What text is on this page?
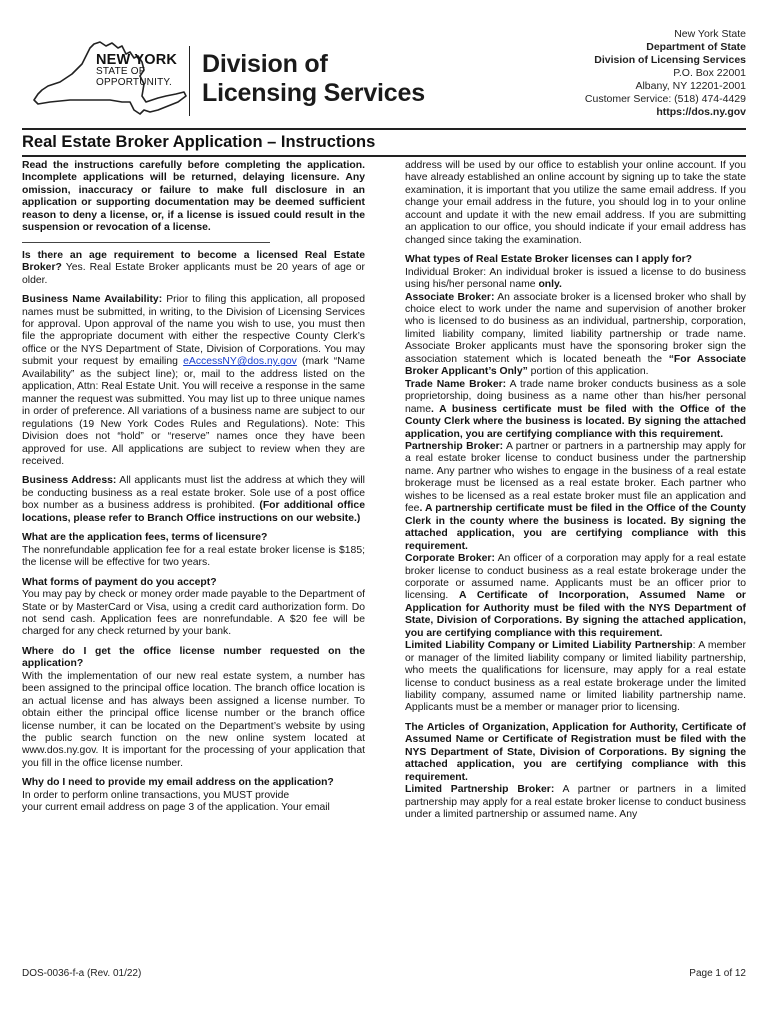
NEW YORK
STATE OF
OPPORTUNITY.
Division of
Licensing Services
New York State
Department of State
Division of Licensing Services
P.O. Box 22001
Albany, NY 12201-2001
Customer Service: (518) 474-4429
https://dos.ny.gov
Real Estate Broker Application – Instructions

Read the instructions carefully before completing the application. Incomplete applications will be returned, delaying licensure. Any omission, inaccuracy or failure to make full disclosure in an application or supporting documentation may be deemed sufficient reason to deny a license, or, if a license is issued could result in the suspension or revocation of a license.

Is there an age requirement to become a licensed Real Estate Broker? Yes. Real Estate Broker applicants must be 20 years of age or older.

Business Name Availability: Prior to filing this application, all proposed names must be submitted, in writing, to the Division of Licensing Services for approval. Upon approval of the name you wish to use, you must then file the appropriate document with either the respective County Clerk’s office or the NYS Department of State, Division of Corporations. You may submit your request by emailing eAccessNY@dos.ny.gov (mark “Name Availability” as the subject line); or, mail to the address listed on the application, Attn: Real Estate Unit. You will receive a response in the same manner the request was submitted. You may list up to three unique names in order of preference. All variations of a business name are subject to our regulations (19 New York Codes Rules and Regulations). Note: This Division does not “hold” or “reserve” names once they have been approved for use. All applications are subject to review when they are received.

Business Address: All applicants must list the address at which they will be conducting business as a real estate broker. Sole use of a post office box number as a business address is prohibited. (For additional office locations, please refer to Branch Office instructions on our website.)

What are the application fees, terms of licensure?
The nonrefundable application fee for a real estate broker license is $185; the license will be effective for two years.

What forms of payment do you accept?
You may pay by check or money order made payable to the Department of State or by MasterCard or Visa, using a credit card authorization form. Do not send cash. Application fees are nonrefundable. A $20 fee will be charged for any check returned by your bank.

Where do I get the office license number requested on the application?
With the implementation of our new real estate system, a number has been assigned to the principal office location. The branch office location is an actual license and has always been assigned a license number. To obtain either the principal office license number or the branch office license number, it can be located on the Department’s website by using the public search function on the new online system located at www.dos.ny.gov. It is important for the processing of your application that you fill in the office license number.

Why do I need to provide my email address on the application?
In order to perform online transactions, you MUST provide
your current email address on page 3 of the application. Your email

address will be used by our office to establish your online account. If you have already established an online account by signing up to take the state examination, it is important that you utilize the same email address. If you change your email address in the future, you should log in to your online account and update it with the new email address. If you are submitting an application to our office, you should indicate if your email address has changed since taking the examination.

What types of Real Estate Broker licenses can I apply for?

Individual Broker: An individual broker is issued a license to do business using his/her personal name only.

Associate Broker: An associate broker is a licensed broker who shall by choice elect to work under the name and supervision of another broker who is licensed to do business as an individual, partnership, corporation, limited liability company, limited liability partnership or trade name. Associate Broker applicants must have the sponsoring broker sign the association statement which is located beneath the “For Associate Broker Applicant’s Only” portion of this application.

Trade Name Broker: A trade name broker conducts business as a sole proprietorship, doing business as a name other than his/her personal name. A business certificate must be filed with the Office of the County Clerk where the business is located. By signing the attached application, you are certifying compliance with this requirement.

Partnership Broker: A partner or partners in a partnership may apply for a real estate broker license to conduct business under the partnership name. Any partner who wishes to engage in the business of a real estate brokerage must be licensed as a real estate broker. Each partner who wishes to be licensed as a real estate broker must file an application and fee. A partnership certificate must be filed in the Office of the County Clerk in the county where the business is located. By signing the attached application, you are certifying compliance with this requirement.

Corporate Broker: An officer of a corporation may apply for a real estate broker license to conduct business as a real estate brokerage under the corporate or assumed name. Applicants must be an officer prior to licensing. A Certificate of Incorporation, Assumed Name or Application for Authority must be filed with the NYS Department of State, Division of Corporations. By signing the attached application, you are certifying compliance with this requirement.

Limited Liability Company or Limited Liability Partnership: A member or manager of the limited liability company or limited liability partnership, who meets the qualifications for licensure, may apply for a real estate license to conduct business as a real estate brokerage under the limited liability company, assumed name or limited liability partnership name. Applicants must be a member or manager prior to licensing.

The Articles of Organization, Application for Authority, Certificate of Assumed Name or Certificate of Registration must be filed with the NYS Department of State, Division of Corporations. By signing the attached application, you are certifying compliance with this requirement.

Limited Partnership Broker: A partner or partners in a limited partnership may apply for a real estate broker license to conduct business under a limited partnership or assumed name. Any

DOS-0036-f-a (Rev. 01/22)	Page 1 of 12
